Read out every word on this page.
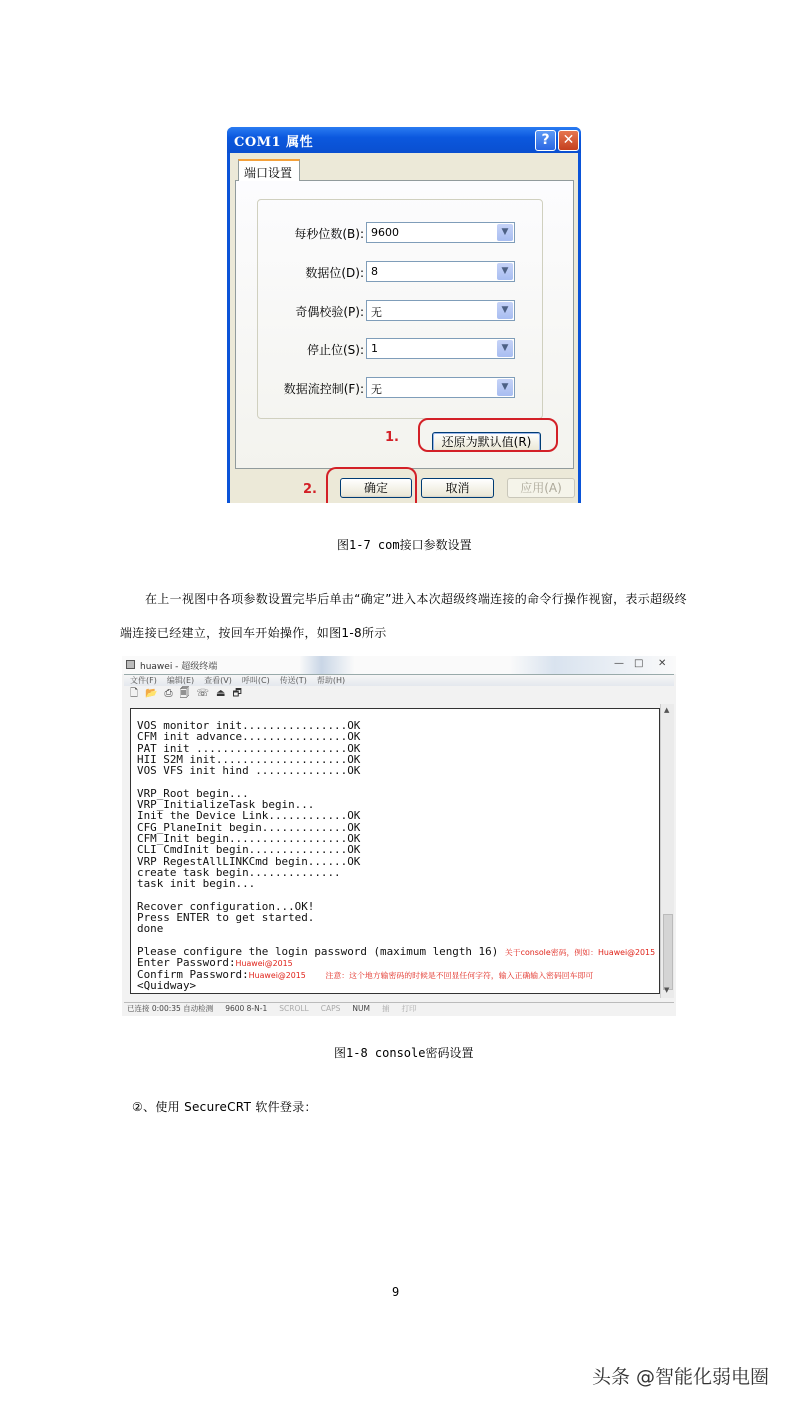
COM1 属性	? ✕
端口设置
每秒位数(B): 9600	▼
数据位(D): 8	▼
奇偶校验(P): 无	▼
停止位(S): 1	▼
数据流控制(F): 无	▼
还原为默认值(R)
确定	取消	应用(A)
1.
2.
图1-7 com接口参数设置
在上一视图中各项参数设置完毕后单击“确定”进入本次超级终端连接的命令行操作视窗，表示超级终
端连接已经建立，按回车开始操作，如图1-8所示
huawei - 超级终端	— □ ✕
文件(F) 编辑(E) 查看(V) 呼叫(C) 传送(T) 帮助(H)
🗋 📂 ⎙ 🗐 ☏ ⏏ 🗗
VOS monitor init................OK
CFM init advance................OK
PAT init .......................OK
HII S2M init....................OK
VOS VFS init hind ..............OK
VRP_Root begin...
VRP_InitializeTask begin...
Init the Device Link............OK
CFG_PlaneInit begin.............OK
CFM_Init begin..................OK
CLI CmdInit begin...............OK
VRP RegestAllLINKCmd begin......OK
create task begin..............
task init begin...
Recover configuration...OK!
Press ENTER to get started.
done
Please configure the login password (maximum length 16) 关于console密码，例如：Huawei@2015
Enter Password:Huawei@2015
Confirm Password:Huawei@2015	注意：这个地方输密码的时候是不回显任何字符，输入正确输入密码回车即可
<Quidway>
▲
▼
已连接 0:00:35 自动检测 9600 8-N-1 SCROLL CAPS NUM 捕 打印
图1-8 console密码设置
②、使用 SecureCRT 软件登录：
9
头条 @智能化弱电圈
